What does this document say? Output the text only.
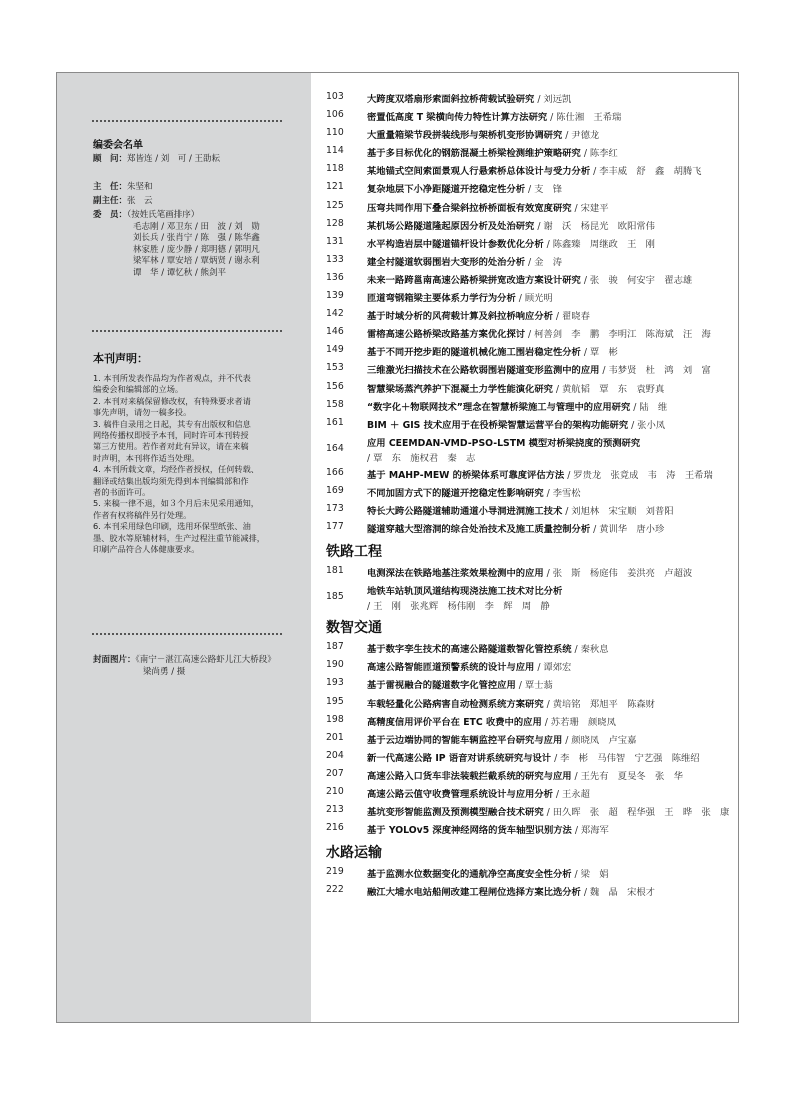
编委会名单
顾　问：郑皆连 / 刘　可 / 王劭耘
主　任：朱坚和
副主任：张　云
委　员：（按姓氏笔画排序）
毛志刚 / 邓卫东 / 田　波 / 刘　勋
刘长兵 / 张肖宁 / 陈　强 / 陈华鑫
林家胜 / 庞少静 / 郑明德 / 郭明凡
梁军林 / 覃安培 / 覃炳贤 / 谢永利
谭　华 / 谭忆秋 / 熊剑平
本刊声明：
1. 本刊所发表作品均为作者观点，并不代表
编委会和编辑部的立场。
2. 本刊对来稿保留修改权，有特殊要求者请
事先声明，请勿一稿多投。
3. 稿件自录用之日起，其专有出版权和信息
网络传播权即授予本刊，同时许可本刊转授
第三方使用。若作者对此有异议，请在来稿
时声明，本刊将作适当处理。
4. 本刊所载文章，均经作者授权，任何转载、
翻译或结集出版均须先得到本刊编辑部和作
者的书面许可。
5. 来稿一律不退，如３个月后未见采用通知，
作者有权将稿件另行处理。
6. 本刊采用绿色印刷，选用环保型纸张、油
墨、胶水等原辅材料，生产过程注重节能减排，
印刷产品符合人体健康要求。
封面图片：《南宁－湛江高速公路虾儿江大桥段》
梁尚勇 / 摄
103	大跨度双塔扇形索面斜拉桥荷载试验研究 / 刘远凯
106	密置低高度 T 梁横向传力特性计算方法研究 / 陈仕湘　王希瑞
110	大重量箱梁节段拼装线形与架桥机变形协调研究 / 尹德龙
114	基于多目标优化的钢筋混凝土桥梁检测维护策略研究 / 陈李红
118	某地锚式空间索面景观人行悬索桥总体设计与受力分析 / 李丰威　舒　鑫　胡腾飞
121	复杂地层下小净距隧道开挖稳定性分析 / 支　锋
125	压弯共同作用下叠合梁斜拉桥桥面板有效宽度研究 / 宋建平
128	某机场公路隧道隆起原因分析及处治研究 / 谢　沃　杨昆光　欧阳常伟
131	水平构造岩层中隧道锚杆设计参数优化分析 / 陈鑫臻　周继政　王　刚
133	建全村隧道软弱围岩大变形的处治分析 / 金　涛
136	未来一路跨邕南高速公路桥梁拼宽改造方案设计研究 / 张　骏　何安宇　翟志雄
139	匝道弯钢箱梁主要体系力学行为分析 / 顾光明
142	基于时域分析的风荷载计算及斜拉桥响应分析 / 翟晓春
146	雷榕高速公路桥梁改路基方案优化探讨 / 柯善剑　李　鹏　李明江　陈海斌　汪　海
149	基于不同开挖步距的隧道机械化施工围岩稳定性分析 / 覃　彬
153	三维激光扫描技术在公路软弱围岩隧道变形监测中的应用 / 韦梦贤　杜　鸿　刘　富
156	智慧梁场蒸汽养护下混凝土力学性能演化研究 / 黄航韬　覃　东　袁野真
158	“数字化＋物联网技术”理念在智慧桥梁施工与管理中的应用研究 / 陆　维
161	BIM ＋ GIS 技术应用于在役桥梁智慧运营平台的架构功能研究 / 张小凤
164	应用 CEEMDAN-VMD-PSO-LSTM 模型对桥梁挠度的预测研究
/ 覃　东　施权君　秦　志
166	基于 MAHP-MEW 的桥梁体系可靠度评估方法 / 罗贵龙　张竟成　韦　涛　王希瑞
169	不同加固方式下的隧道开挖稳定性影响研究 / 李雪松
173	特长大跨公路隧道辅助通道小导洞进洞施工技术 / 刘旭林　宋宝顺　刘普阳
177	隧道穿越大型溶洞的综合处治技术及施工质量控制分析 / 黄训华　唐小珍
铁路工程
181	电测深法在铁路地基注浆效果检测中的应用 / 张　斯　杨庭伟　姜洪亮　卢超波
185	地铁车站轨顶风道结构现浇法施工技术对比分析
/ 王　刚　张兆辉　杨伟刚　李　辉　周　静
数智交通
187	基于数字孪生技术的高速公路隧道数智化管控系统 / 秦秋息
190	高速公路智能匝道预警系统的设计与应用 / 谭郊宏
193	基于雷视融合的隧道数字化管控应用 / 覃士蓊
195	车载轻量化公路病害自动检测系统方案研究 / 黄培铭　郑旭平　陈森财
198	高精度信用评价平台在 ETC 收费中的应用 / 苏若珊　颜晓凤
201	基于云边端协同的智能车辆监控平台研究与应用 / 颜晓凤　卢宝嘉
204	新一代高速公路 IP 语音对讲系统研究与设计 / 李　彬　马伟智　宁艺强　陈维绍
207	高速公路入口货车非法装载拦截系统的研究与应用 / 王先有　夏旻冬　张　华
210	高速公路云值守收费管理系统设计与应用分析 / 王永超
213	基坑变形智能监测及预测模型融合技术研究 / 田久晖　张　超　程华强　王　晔　张　康
216	基于 YOLOv5 深度神经网络的货车轴型识别方法 / 郑海军
水路运输
219	基于监测水位数据变化的通航净空高度安全性分析 / 梁　娟
222	融江大埔水电站船闸改建工程闸位选择方案比选分析 / 魏　晶　宋根才
